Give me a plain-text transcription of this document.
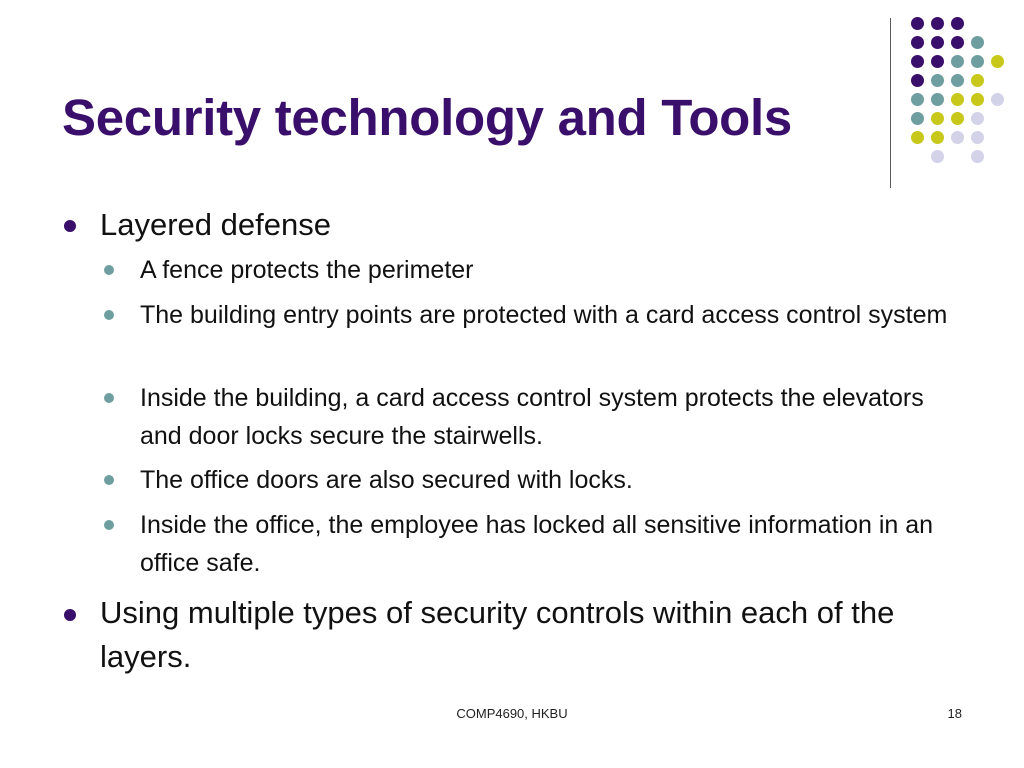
Security technology and Tools

Layered defense

A fence protects the perimeter

The building entry points are protected with a card access control system

Inside the building, a card access control system protects the elevators and door locks secure the stairwells.

The office doors are also secured with locks.

Inside the office, the employee has locked all sensitive information in an office safe.

Using multiple types of security controls within each of the layers.

COMP4690, HKBU	18
